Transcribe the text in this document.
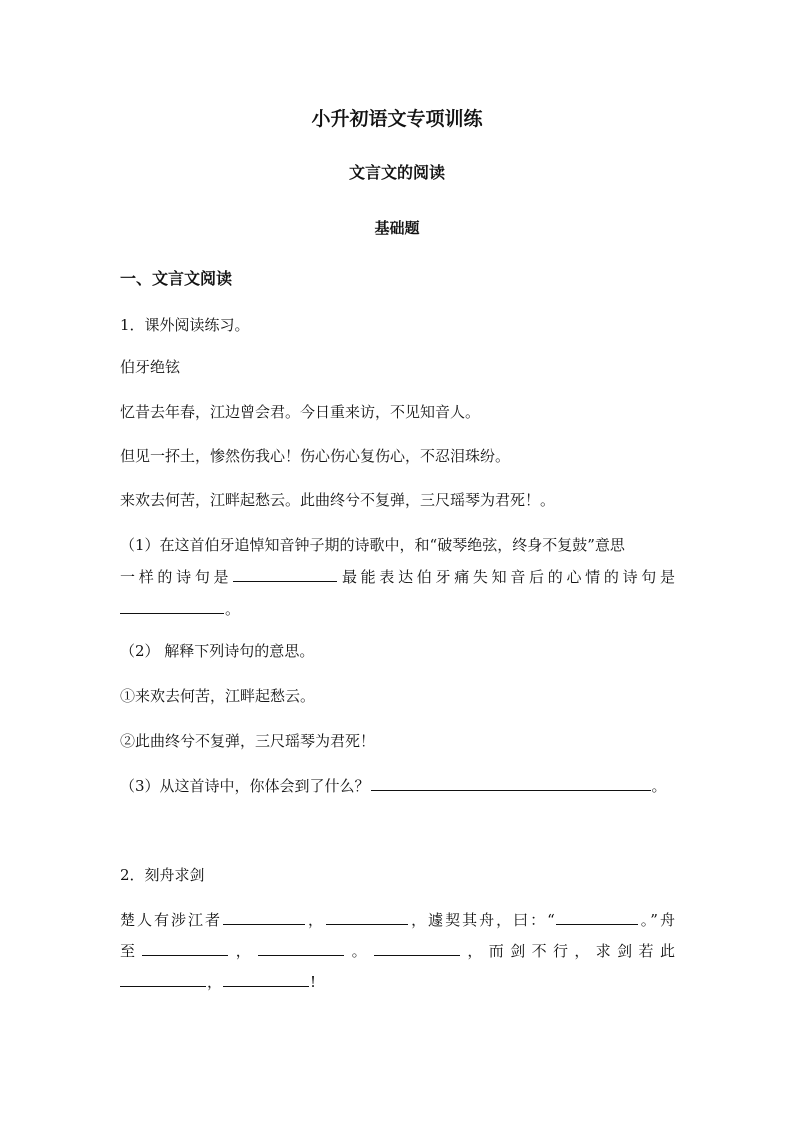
小升初语文专项训练
文言文的阅读
基础题
一、文言文阅读
1．课外阅读练习。
伯牙绝铉
忆昔去年春，江边曾会君。今日重来访，不见知音人。
但见一抔土，惨然伤我心！伤心伤心复伤心，不忍泪珠纷。
来欢去何苦，江畔起愁云。此曲终兮不复弹，三尺瑶琴为君死！。
（1）在这首伯牙追悼知音钟子期的诗歌中，和“破琴绝弦，终身不复鼓”意思
一样的诗句是	最能表达伯牙痛失知音后的心情的诗句是
。
（2） 解释下列诗句的意思。
①来欢去何苦，江畔起愁云。
②此曲终兮不复弹，三尺瑶琴为君死！
（3）从这首诗中，你体会到了什么？	。
2．刻舟求剑
楚人有涉江者	，	，遽契其舟，曰：“	。”舟
至	，	。	，而剑不行，求剑若此
，	!
